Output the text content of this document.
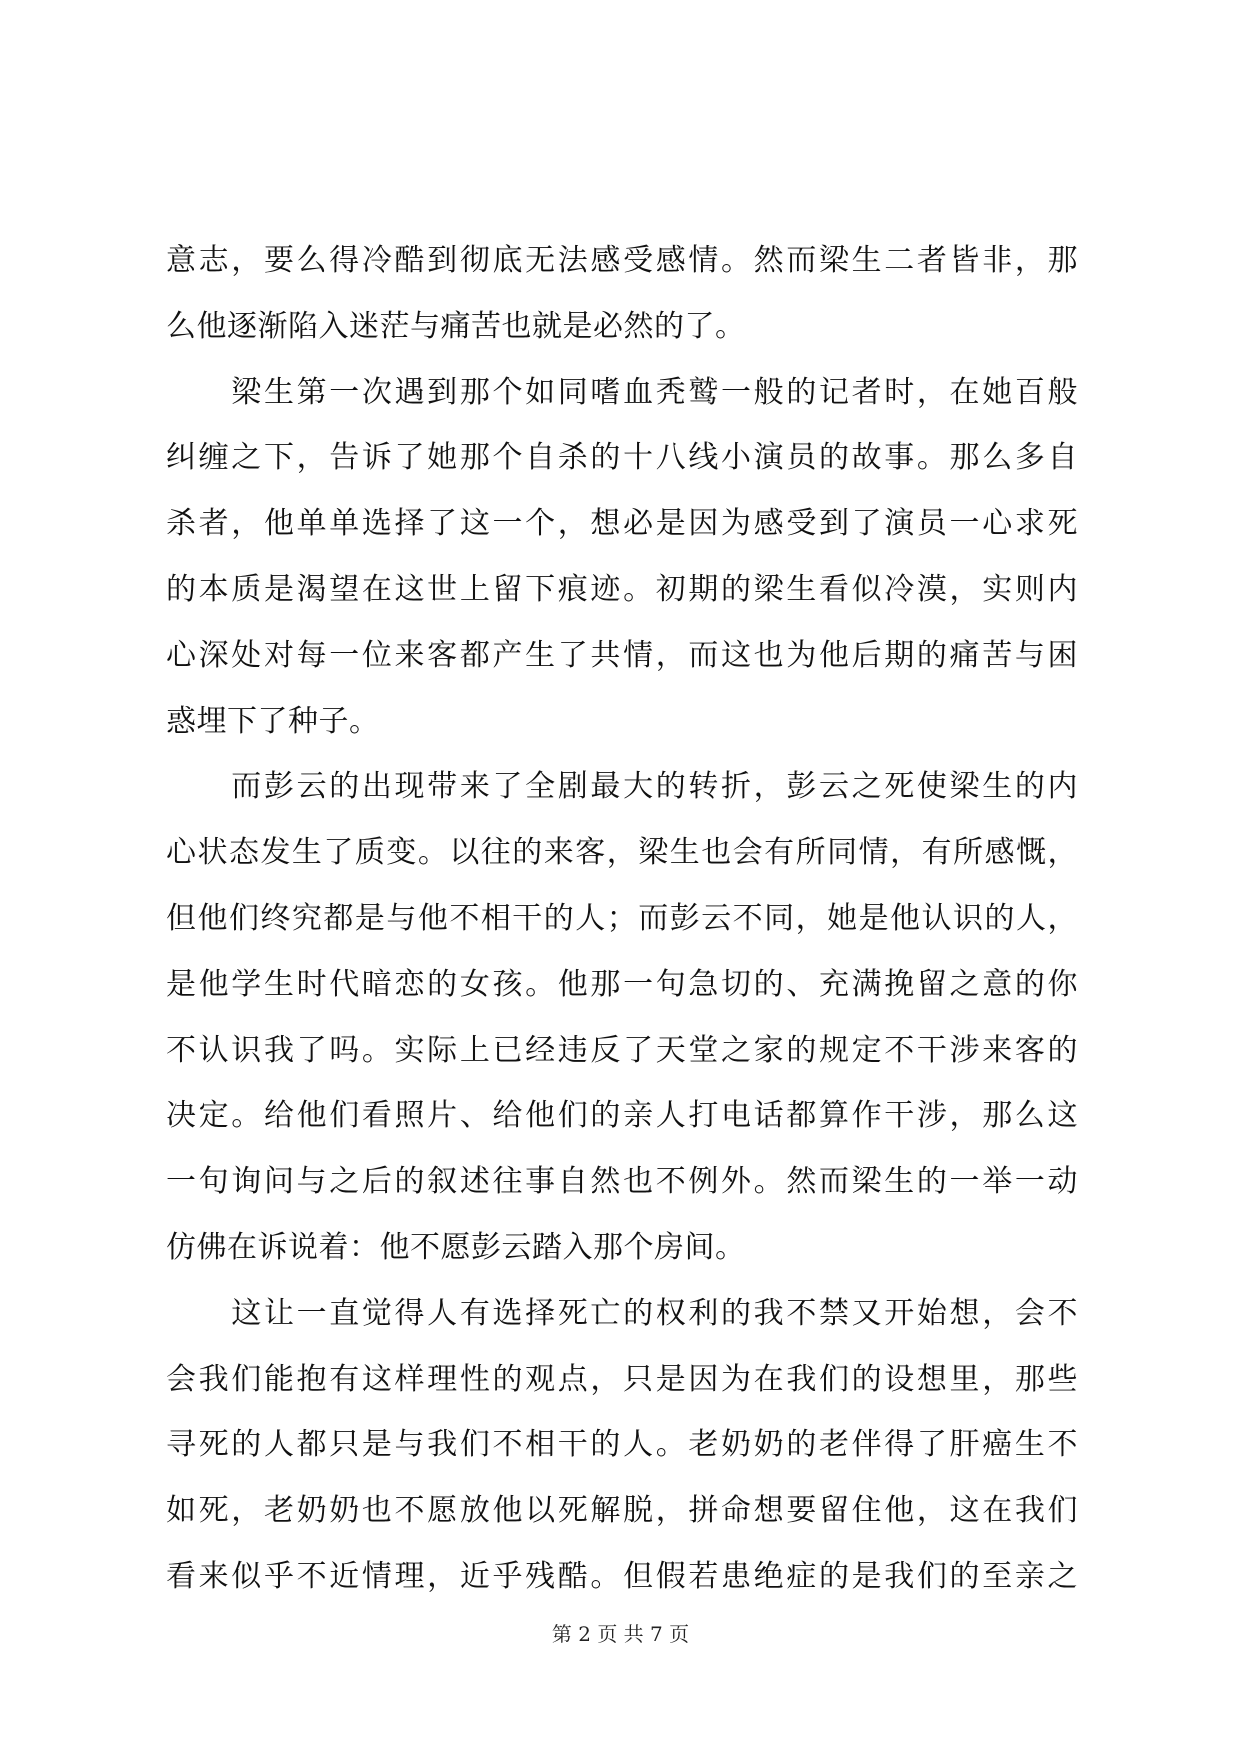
意志，要么得冷酷到彻底无法感受感情。然而梁生二者皆非，那
么他逐渐陷入迷茫与痛苦也就是必然的了。
　　梁生第一次遇到那个如同嗜血秃鹫一般的记者时，在她百般
纠缠之下，告诉了她那个自杀的十八线小演员的故事。那么多自
杀者，他单单选择了这一个，想必是因为感受到了演员一心求死
的本质是渴望在这世上留下痕迹。初期的梁生看似冷漠，实则内
心深处对每一位来客都产生了共情，而这也为他后期的痛苦与困
惑埋下了种子。
　　而彭云的出现带来了全剧最大的转折，彭云之死使梁生的内
心状态发生了质变。以往的来客，梁生也会有所同情，有所感慨，
但他们终究都是与他不相干的人；而彭云不同，她是他认识的人，
是他学生时代暗恋的女孩。他那一句急切的、充满挽留之意的你
不认识我了吗。实际上已经违反了天堂之家的规定不干涉来客的
决定。给他们看照片、给他们的亲人打电话都算作干涉，那么这
一句询问与之后的叙述往事自然也不例外。然而梁生的一举一动
仿佛在诉说着：他不愿彭云踏入那个房间。
　　这让一直觉得人有选择死亡的权利的我不禁又开始想，会不
会我们能抱有这样理性的观点，只是因为在我们的设想里，那些
寻死的人都只是与我们不相干的人。老奶奶的老伴得了肝癌生不
如死，老奶奶也不愿放他以死解脱，拼命想要留住他，这在我们
看来似乎不近情理，近乎残酷。但假若患绝症的是我们的至亲之
第 2 页 共 7 页
